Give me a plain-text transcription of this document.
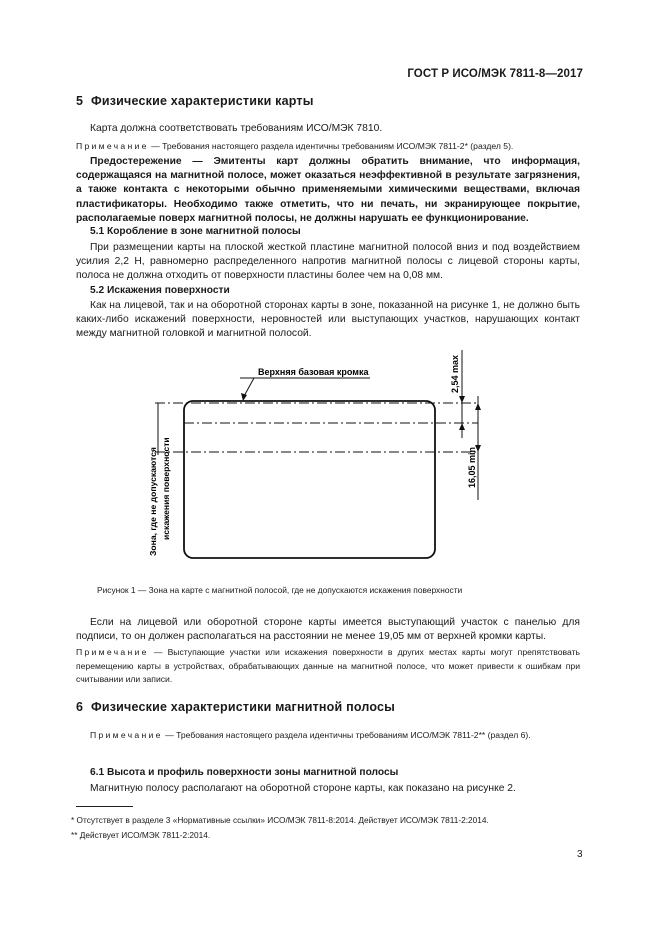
ГОСТ Р ИСО/МЭК 7811-8—2017
5 Физические характеристики карты
Карта должна соответствовать требованиям ИСО/МЭК 7810.
Примечание — Требования настоящего раздела идентичны требованиям ИСО/МЭК 7811-2* (раздел 5).
Предостережение — Эмитенты карт должны обратить внимание, что информация, содержащаяся на магнитной полосе, может оказаться неэффективной в результате загрязнения, а также контакта с некоторыми обычно применяемыми химическими веществами, включая пластификаторы. Необходимо также отметить, что ни печать, ни экранирующее покрытие, располагаемые поверх магнитной полосы, не должны нарушать ее функционирование.
5.1 Коробление в зоне магнитной полосы
При размещении карты на плоской жесткой пластине магнитной полосой вниз и под воздействием усилия 2,2 Н, равномерно распределенного напротив магнитной полосы с лицевой стороны карты, полоса не должна отходить от поверхности пластины более чем на 0,08 мм.
5.2 Искажения поверхности
Как на лицевой, так и на оборотной сторонах карты в зоне, показанной на рисунке 1, не должно быть каких-либо искажений поверхности, неровностей или выступающих участков, нарушающих контакт между магнитной головкой и магнитной полосой.
Верхняя базовая кромка	2,54 max
16,05 min
Зона, где не допускаются искажения поверхности
Рисунок 1 — Зона на карте с магнитной полосой, где не допускаются искажения поверхности
Если на лицевой или оборотной стороне карты имеется выступающий участок с панелью для подписи, то он должен располагаться на расстоянии не менее 19,05 мм от верхней кромки карты.
Примечание — Выступающие участки или искажения поверхности в других местах карты могут препятствовать перемещению карты в устройствах, обрабатывающих данные на магнитной полосе, что может привести к ошибкам при считывании или записи.
6 Физические характеристики магнитной полосы
Примечание — Требования настоящего раздела идентичны требованиям ИСО/МЭК 7811-2** (раздел 6).
6.1 Высота и профиль поверхности зоны магнитной полосы
Магнитную полосу располагают на оборотной стороне карты, как показано на рисунке 2.
* Отсутствует в разделе 3 «Нормативные ссылки» ИСО/МЭК 7811-8:2014. Действует ИСО/МЭК 7811-2:2014.
** Действует ИСО/МЭК 7811-2:2014.
3
